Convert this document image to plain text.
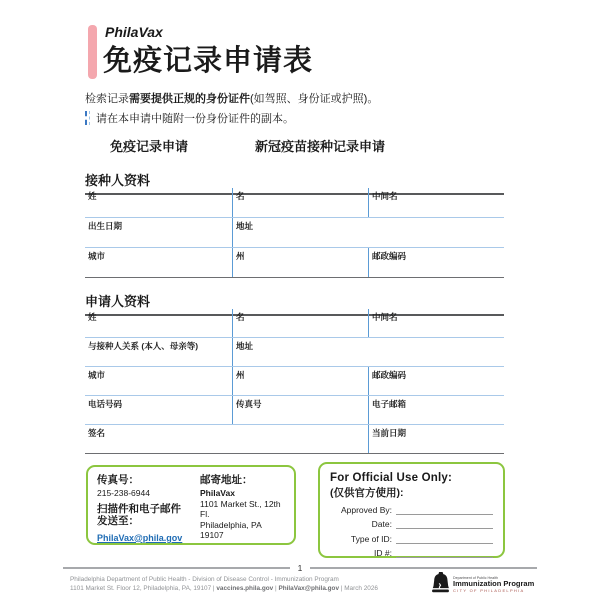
PhilaVax
免疫记录申请表

检索记录需要提供正规的身份证件(如驾照、身份证或护照)。

请在本申请中随附一份身份证件的副本。
免疫记录申请	新冠疫苗接种记录申请
接种人资料
姓	名	中间名
出生日期	地址
城市	州	邮政编码
申请人资料
姓	名	中间名
与接种人关系 (本人、母亲等)	地址
城市	州	邮政编码
电话号码	传真号	电子邮箱
签名	当前日期
传真号：
215-238-6944
扫描件和电子邮件发送至：
PhilaVax@phila.gov
邮寄地址：
PhilaVax
1101 Market St., 12th Fl.
Philadelphia, PA 19107
For Official Use Only:
(仅供官方使用):
Approved By:
Date:
Type of ID:
ID #:
1
Philadelphia Department of Public Health - Division of Disease Control - Immunization Program
1101 Market St. Floor 12, Philadelphia, PA, 19107 | vaccines.phila.gov | PhilaVax@phila.gov | March 2026
Department of Public Health
Immunization Program
CITY OF PHILADELPHIA
